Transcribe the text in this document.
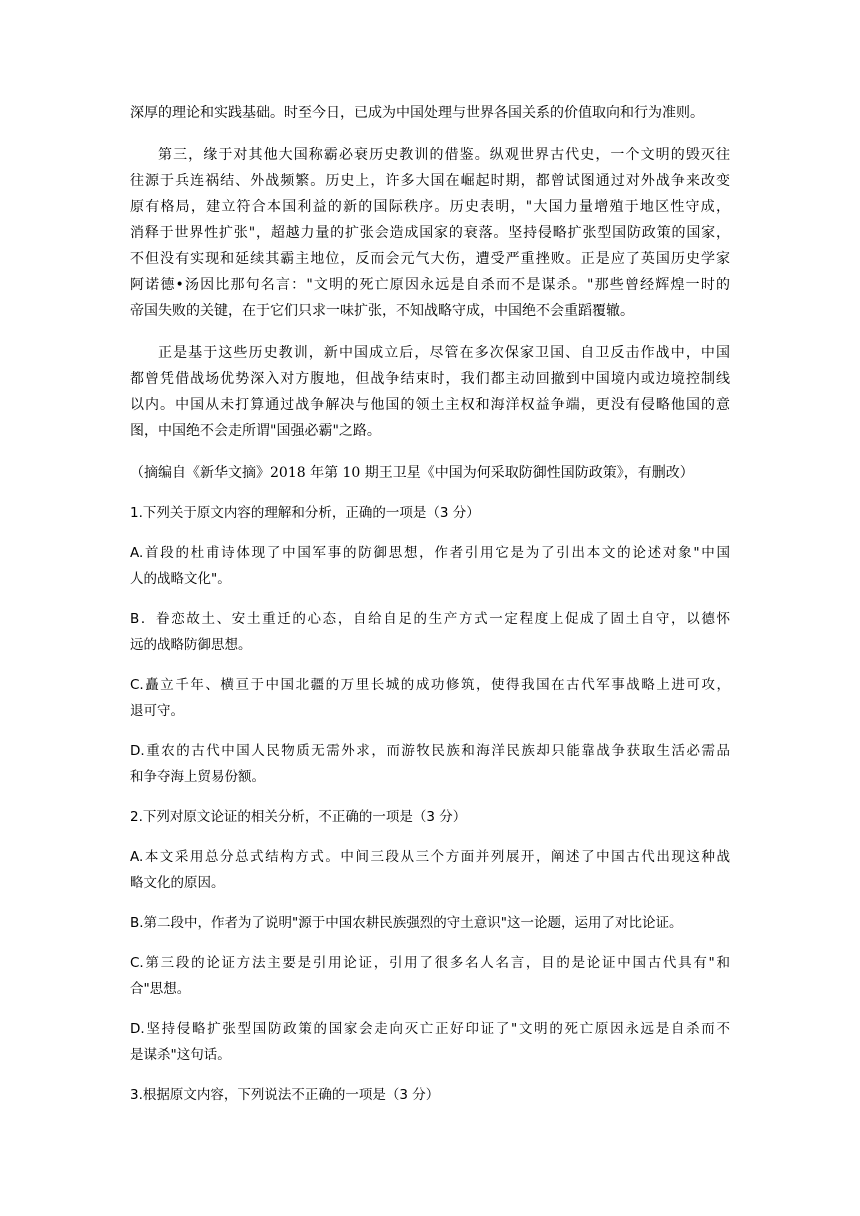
深厚的理论和实践基础。时至今日，已成为中国处理与世界各国关系的价值取向和行为准则。
第三，缘于对其他大国称霸必衰历史教训的借鉴。纵观世界古代史，一个文明的毁灭往
往源于兵连祸结、外战频繁。历史上，许多大国在崛起时期，都曾试图通过对外战争来改变
原有格局，建立符合本国利益的新的国际秩序。历史表明，"大国力量增殖于地区性守成，
消释于世界性扩张"，超越力量的扩张会造成国家的衰落。坚持侵略扩张型国防政策的国家，
不但没有实现和延续其霸主地位，反而会元气大伤，遭受严重挫败。正是应了英国历史学家
阿诺德•汤因比那句名言："文明的死亡原因永远是自杀而不是谋杀。"那些曾经辉煌一时的
帝国失败的关键，在于它们只求一味扩张，不知战略守成，中国绝不会重蹈覆辙。
正是基于这些历史教训，新中国成立后，尽管在多次保家卫国、自卫反击作战中，中国
都曾凭借战场优势深入对方腹地，但战争结束时，我们都主动回撤到中国境内或边境控制线
以内。中国从未打算通过战争解决与他国的领土主权和海洋权益争端，更没有侵略他国的意
图，中国绝不会走所谓"国强必霸"之路。
（摘编自《新华文摘》2018 年第 10 期王卫星《中国为何采取防御性国防政策》，有删改）
1.下列关于原文内容的理解和分析，正确的一项是（3 分）
A.首段的杜甫诗体现了中国军事的防御思想，作者引用它是为了引出本文的论述对象"中国
人的战略文化"。
B．眷恋故土、安土重迁的心态，自给自足的生产方式一定程度上促成了固土自守，以德怀
远的战略防御思想。
C.矗立千年、横亘于中国北疆的万里长城的成功修筑，使得我国在古代军事战略上进可攻，
退可守。
D.重农的古代中国人民物质无需外求，而游牧民族和海洋民族却只能靠战争获取生活必需品
和争夺海上贸易份额。
2.下列对原文论证的相关分析，不正确的一项是（3 分）
A.本文采用总分总式结构方式。中间三段从三个方面并列展开，阐述了中国古代出现这种战
略文化的原因。
B.第二段中，作者为了说明"源于中国农耕民族强烈的守土意识"这一论题，运用了对比论证。
C.第三段的论证方法主要是引用论证，引用了很多名人名言，目的是论证中国古代具有"和
合"思想。
D.坚持侵略扩张型国防政策的国家会走向灭亡正好印证了"文明的死亡原因永远是自杀而不
是谋杀"这句话。
3.根据原文内容，下列说法不正确的一项是（3 分）
